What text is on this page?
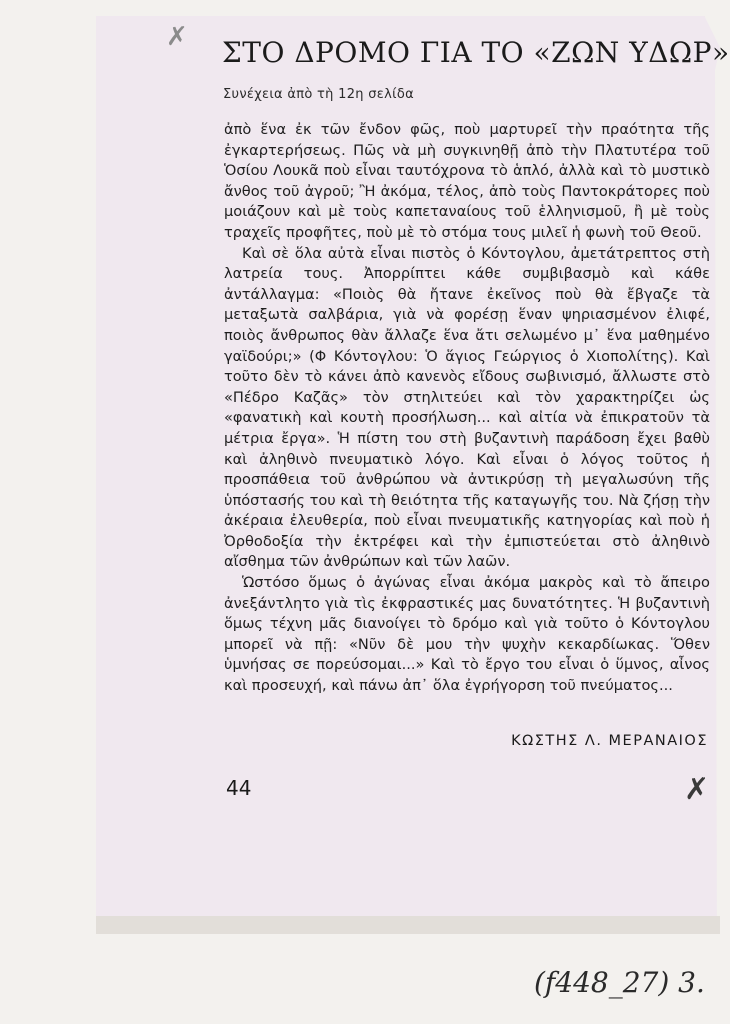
✗ ΣΤΟ ΔΡΟΜΟ ΓΙΑ ΤΟ «ΖΩΝ ΥΔΩΡ»
Συνέχεια ἀπὸ τὴ 12η σελίδα

ἀπὸ ἕνα ἐκ τῶν ἔνδον φῶς, ποὺ μαρτυρεῖ τὴν πραότητα τῆς ἐγκαρτερήσεως. Πῶς νὰ μὴ συγκινηθῇ ἀπὸ τὴν Πλατυτέρα τοῦ Ὁσίου Λουκᾶ ποὺ εἶναι ταυτόχρονα τὸ ἁπλό, ἀλλὰ καὶ τὸ μυστικὸ ἄνθος τοῦ ἀγροῦ; Ἢ ἀκόμα, τέλος, ἀπὸ τοὺς Παντοκράτορες ποὺ μοιάζουν καὶ μὲ τοὺς καπεταναίους τοῦ ἑλληνισμοῦ, ἢ μὲ τοὺς τραχεῖς προφῆτες, ποὺ μὲ τὸ στόμα τους μιλεῖ ἡ φωνὴ τοῦ Θεοῦ.

Καὶ σὲ ὅλα αὐτὰ εἶναι πιστὸς ὁ Κόντογλου, ἀμετάτρεπτος στὴ λατρεία τους. Ἀπορρίπτει κάθε συμβιβασμὸ καὶ κάθε ἀντάλλαγμα: «Ποιὸς θὰ ἤτανε ἐκεῖνος ποὺ θὰ ἔβγαζε τὰ μεταξωτὰ σαλβάρια, γιὰ νὰ φορέσῃ ἕναν ψηριασμένον ἐλιφέ, ποιὸς ἄνθρωπος θὰν ἄλλαζε ἕνα ἄτι σελωμένο μ᾽ ἕνα μαθημένο γαϊδούρι;» (Φ Κόντογλου: Ὁ ἅγιος Γεώργιος ὁ Χιοπολίτης). Καὶ τοῦτο δὲν τὸ κάνει ἀπὸ κανενὸς εἴδους σωβινισμό, ἄλλωστε στὸ «Πέδρο Καζᾶς» τὸν στηλιτεύει καὶ τὸν χαρακτηρίζει ὡς «φανατικὴ καὶ κουτὴ προσήλωση... καὶ αἰτία νὰ ἐπικρατοῦν τὰ μέτρια ἔργα». Ἡ πίστη του στὴ βυζαντινὴ παράδοση ἔχει βαθὺ καὶ ἀληθινὸ πνευματικὸ λόγο. Καὶ εἶναι ὁ λόγος τοῦτος ἡ προσπάθεια τοῦ ἀνθρώπου νὰ ἀντικρύσῃ τὴ μεγαλωσύνη τῆς ὑπόστασής του καὶ τὴ θειότητα τῆς καταγωγῆς του. Νὰ ζήσῃ τὴν ἀκέραια ἐλευθερία, ποὺ εἶναι πνευματικῆς κατηγορίας καὶ ποὺ ἡ Ὀρθοδοξία τὴν ἐκτρέφει καὶ τὴν ἐμπιστεύεται στὸ ἀληθινὸ αἴσθημα τῶν ἀνθρώπων καὶ τῶν λαῶν.

Ὡστόσο ὅμως ὁ ἀγώνας εἶναι ἀκόμα μακρὸς καὶ τὸ ἄπειρο ἀνεξάντλητο γιὰ τὶς ἐκφραστικές μας δυνατότητες. Ἡ βυζαντινὴ ὅμως τέχνη μᾶς διανοίγει τὸ δρόμο καὶ γιὰ τοῦτο ὁ Κόντογλου μπορεῖ νὰ πῇ: «Νῦν δὲ μου τὴν ψυχὴν κεκαρδίωκας. Ὅθεν ὑμνήσας σε πορεύσομαι...» Καὶ τὸ ἔργο του εἶναι ὁ ὕμνος, αἶνος καὶ προσευχή, καὶ πάνω ἀπ᾽ ὅλα ἐγρήγορση τοῦ πνεύματος...

ΚΩΣΤΗΣ Λ. ΜΕΡΑΝΑΙΟΣ
44	✗
(f448_27) 3.
